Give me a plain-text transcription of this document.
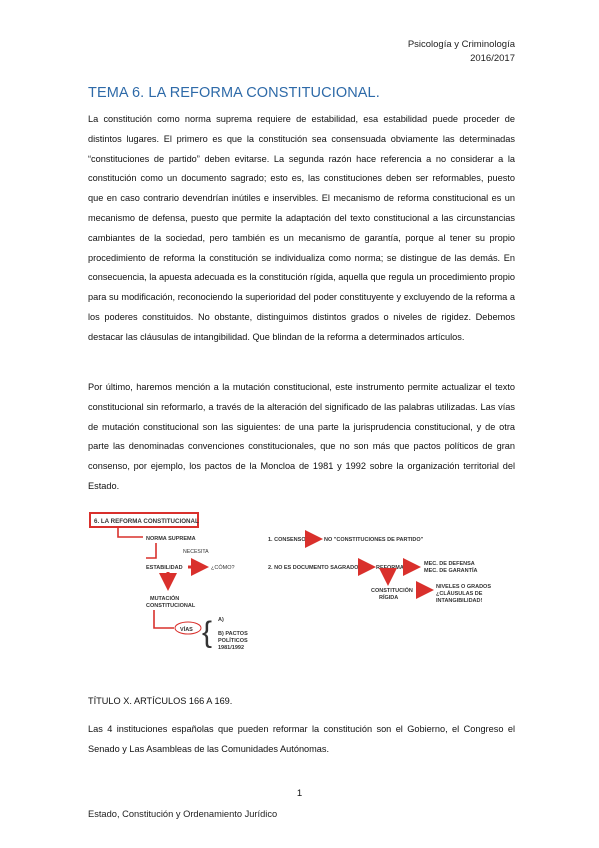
Psicología y Criminología
2016/2017
TEMA 6. LA REFORMA CONSTITUCIONAL.
La constitución como norma suprema requiere de estabilidad, esa estabilidad puede proceder de distintos lugares. El primero es que la constitución sea consensuada obviamente las determinadas “constituciones de partido” deben evitarse. La segunda razón hace referencia a no considerar a la constitución como un documento sagrado; esto es, las constituciones deben ser reformables, puesto que en caso contrario devendrían inútiles e inservibles. El mecanismo de reforma constitucional es un mecanismo de defensa, puesto que permite la adaptación del texto constitucional a las circunstancias cambiantes de la sociedad, pero también es un mecanismo de garantía, porque al tener su propio procedimiento de reforma la constitución se individualiza como norma; se distingue de las demás. En consecuencia, la apuesta adecuada es la constitución rígida, aquella que regula un procedimiento propio para su modificación, reconociendo la superioridad del poder constituyente y excluyendo de la reforma a los poderes constituidos. No obstante, distinguimos distintos grados o niveles de rigidez. Debemos destacar las cláusulas de intangibilidad. Que blindan de la reforma a determinados artículos.
Por último, haremos mención a la mutación constitucional, este instrumento permite actualizar el texto constitucional sin reformarlo, a través de la alteración del significado de las palabras utilizadas. Las vías de mutación constitucional son las siguientes: de una parte la jurisprudencia constitucional, y de otra parte las denominadas convenciones constitucionales, que no son más que pactos políticos de gran consenso, por ejemplo, los pactos de la Moncloa de 1981 y 1992 sobre la organización territorial del Estado.
6. LA REFORMA CONSTITUCIONAL
NORMA SUPREMA
NECESITA
ESTABILIDAD	¿CÓMO?
MUTACIÓN
CONSTITUCIONAL
VÍAS { A)
B) PACTOS
POLÍTICOS
1981/1992
1. CONSENSO	NO "CONSTITUCIONES DE PARTIDO"
2. NO ES DOCUMENTO SAGRADO	REFORMA
MEC. DE DEFENSA
MEC. DE GARANTÍA
CONSTITUCIÓN
RÍGIDA
NIVELES O GRADOS
¿CLÁUSULAS DE
INTANGIBILIDAD!
TÍTULO X. ARTÍCULOS 166 A 169.
Las 4 instituciones españolas que pueden reformar la constitución son el Gobierno, el Congreso el Senado y Las Asambleas de las Comunidades Autónomas.
1
Estado, Constitución y Ordenamiento Jurídico
